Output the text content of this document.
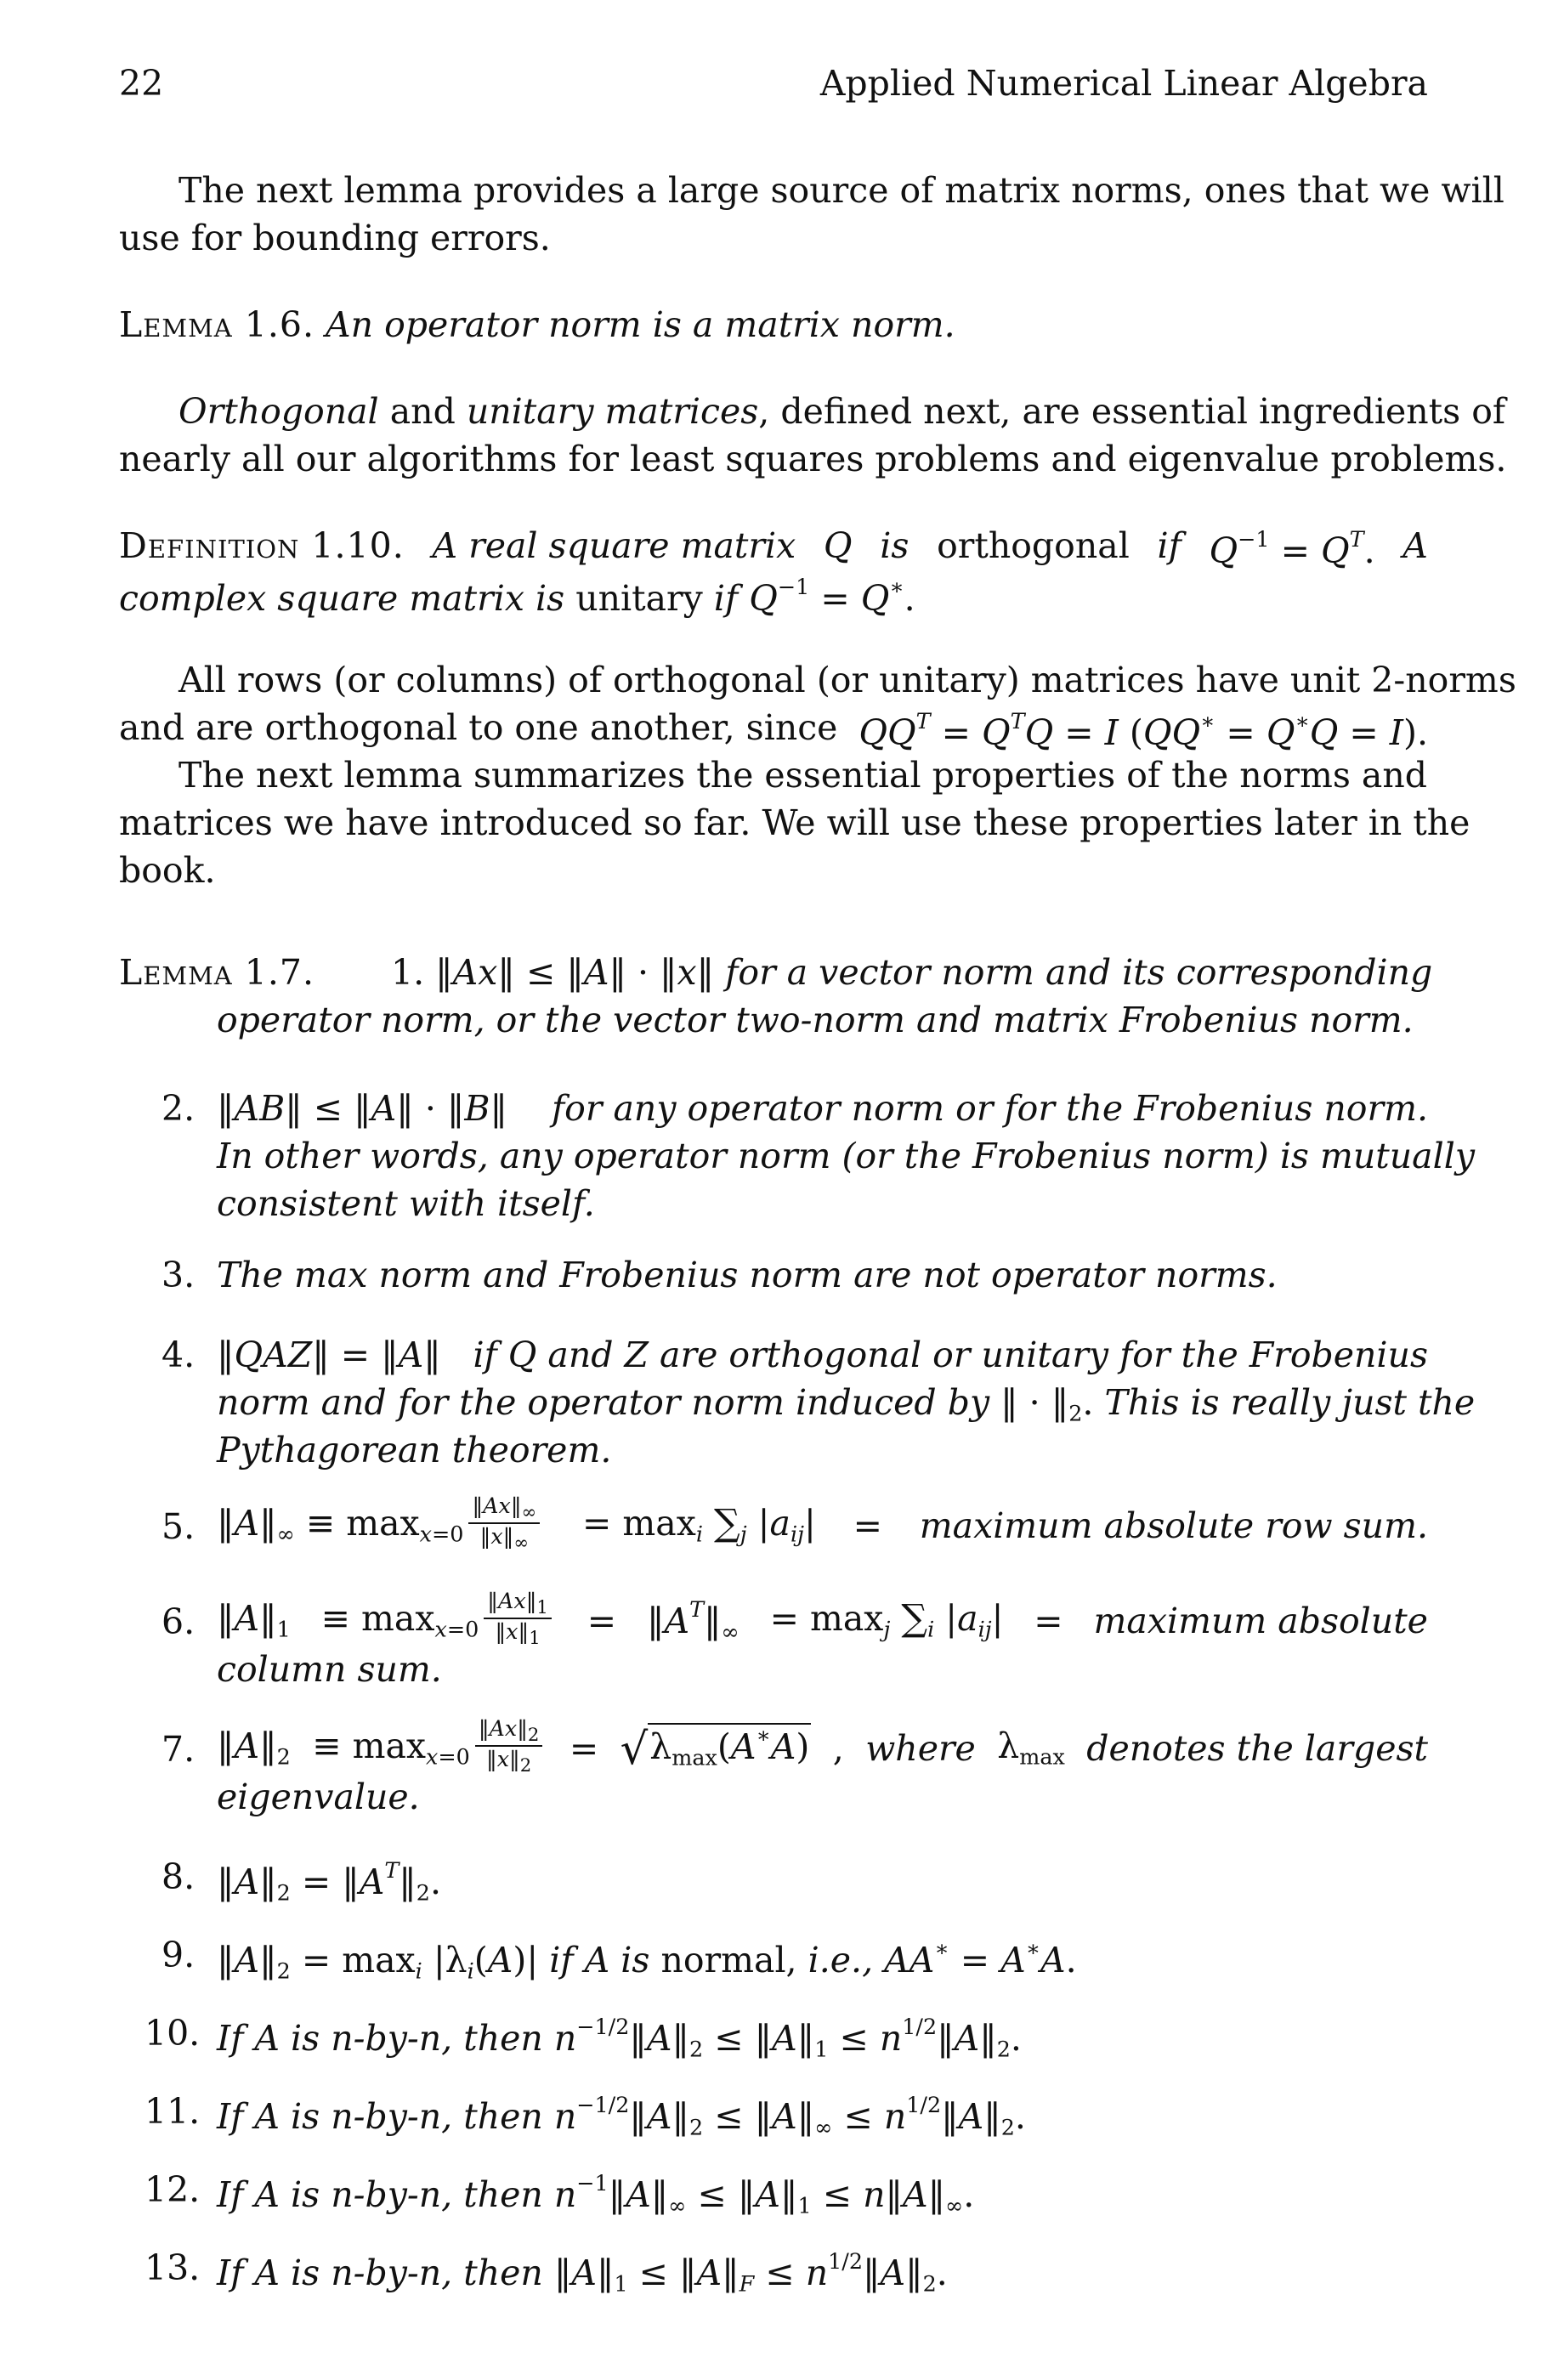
22	Applied Numerical Linear Algebra
The next lemma provides a large source of matrix norms, ones that we will
use for bounding errors.
Lemma 1.6. An operator norm is a matrix norm.
Orthogonal and unitary matrices, defined next, are essential ingredients of
nearly all our algorithms for least squares problems and eigenvalue problems.
Definition 1.10. A real square matrix Q is orthogonal if $Q^{-1} = Q^T$. A
complex square matrix is unitary if $Q^{-1} = Q^∗$.
All rows (or columns) of orthogonal (or unitary) matrices have unit 2-norms
and are orthogonal to one another, since $QQ^T = Q^TQ = I$ (QQ∗ = Q∗Q = I).
The next lemma summarizes the essential properties of the norms and
matrices we have introduced so far. We will use these properties later in the
book.
Lemma 1.7. 1. ‖Ax‖ ≤ ‖A‖ · ‖x‖ for a vector norm and its corresponding
operator norm, or the vector two-norm and matrix Frobenius norm.
2. ‖AB‖ ≤ ‖A‖ · ‖B‖ for any operator norm or for the Frobenius norm.
In other words, any operator norm (or the Frobenius norm) is mutually
consistent with itself.
3. The max norm and Frobenius norm are not operator norms.
4. ‖QAZ‖ = ‖A‖ if Q and Z are orthogonal or unitary for the Frobenius
norm and for the operator norm induced by ‖ · ‖2. This is really just the
Pythagorean theorem.
5. ‖A‖∞ ≡ $\max_x=0 \frac{‖Ax‖_\infty}{‖x‖_\infty} = \max_i \sum_j$ $|a_{ij}|$ = maximum absolute row sum.
6. ‖A‖1 ≡ $\max_x=0 \frac{‖Ax‖_1}{‖x‖_1}$ = $‖A^T‖\infty = \max_j \sum_i$ $|a_{ij}|$ = maximum absolute
column sum.
7. ‖A‖2 ≡ $\max_x=0 \frac{‖Ax‖_2}{‖x‖_2} = √\lambda\max(A^∗A)$ , where λmax denotes the largest
eigenvalue.
8. ‖A‖2 = $‖A^T‖2$.
9. ‖A‖2 = $\max_i |\lambda_i(A)|$ if A is normal, i.e., AA∗ = A∗A.
10. If A is n-by-n, then $n^{-1/2}‖A‖2$ ≤ ‖A‖1 ≤ $n^{1/2}‖A‖2$.
11. If A is n-by-n, then $n^{-1/2}‖A‖2$ ≤ ‖A‖∞ ≤ $n^{1/2}‖A‖2$.
12. If A is n-by-n, then $n^{-1}‖A‖\infty$ ≤ ‖A‖1 ≤ n‖A‖∞.
13. If A is n-by-n, then ‖A‖1 ≤ $‖A‖_F$ ≤ $n^{1/2}‖A‖2$.
